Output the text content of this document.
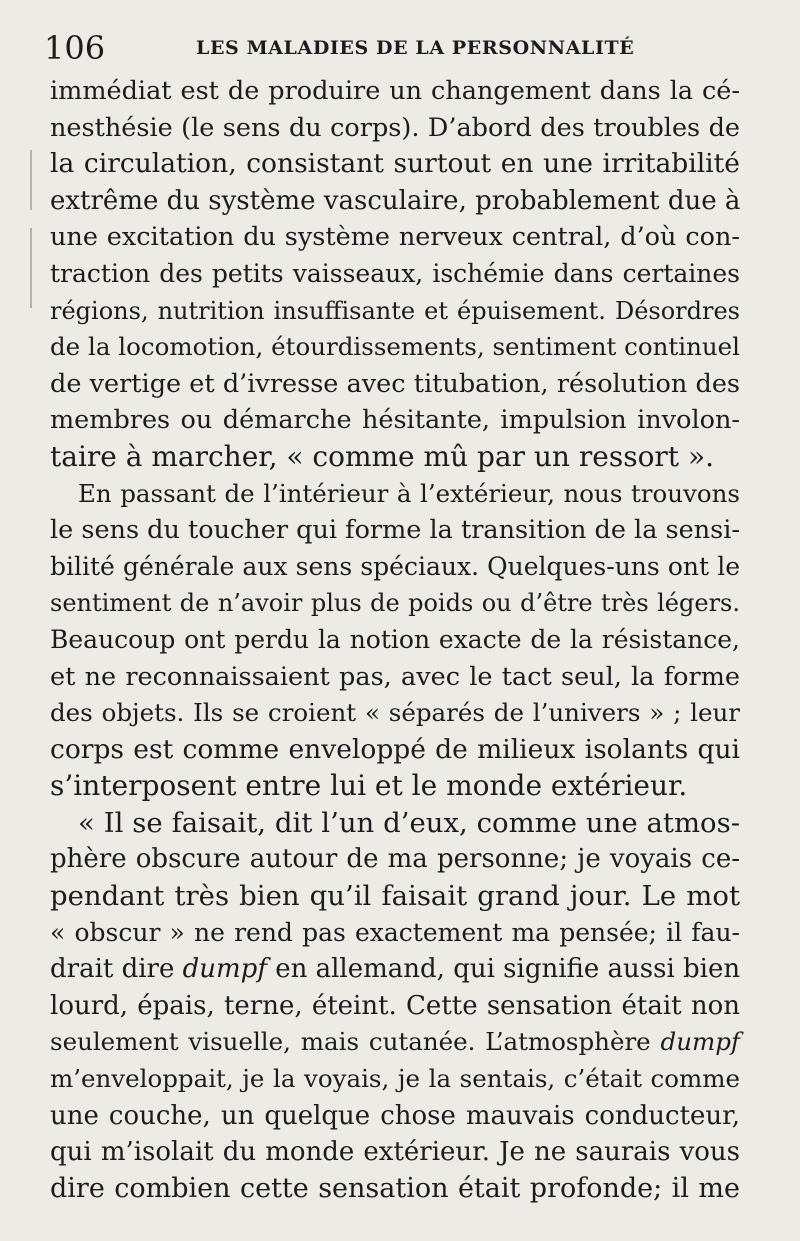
106	LES MALADIES DE LA PERSONNALITÉ
immédiat est de produire un changement dans la cé-
nesthésie (le sens du corps). D’abord des troubles de
la circulation, consistant surtout en une irritabilité
extrême du système vasculaire, probablement due à
une excitation du système nerveux central, d’où con-
traction des petits vaisseaux, ischémie dans certaines
régions, nutrition insuffisante et épuisement. Désordres
de la locomotion, étourdissements, sentiment continuel
de vertige et d’ivresse avec titubation, résolution des
membres ou démarche hésitante, impulsion involon-
taire à marcher, « comme mû par un ressort ».
En passant de l’intérieur à l’extérieur, nous trouvons
le sens du toucher qui forme la transition de la sensi-
bilité générale aux sens spéciaux. Quelques-uns ont le
sentiment de n’avoir plus de poids ou d’être très légers.
Beaucoup ont perdu la notion exacte de la résistance,
et ne reconnaissaient pas, avec le tact seul, la forme
des objets. Ils se croient « séparés de l’univers » ; leur
corps est comme enveloppé de milieux isolants qui
s’interposent entre lui et le monde extérieur.
« Il se faisait, dit l’un d’eux, comme une atmos-
phère obscure autour de ma personne; je voyais ce-
pendant très bien qu’il faisait grand jour. Le mot
« obscur » ne rend pas exactement ma pensée; il fau-
drait dire dumpf en allemand, qui signifie aussi bien
lourd, épais, terne, éteint. Cette sensation était non
seulement visuelle, mais cutanée. L’atmosphère dumpf
m’enveloppait, je la voyais, je la sentais, c’était comme
une couche, un quelque chose mauvais conducteur,
qui m’isolait du monde extérieur. Je ne saurais vous
dire combien cette sensation était profonde; il me
